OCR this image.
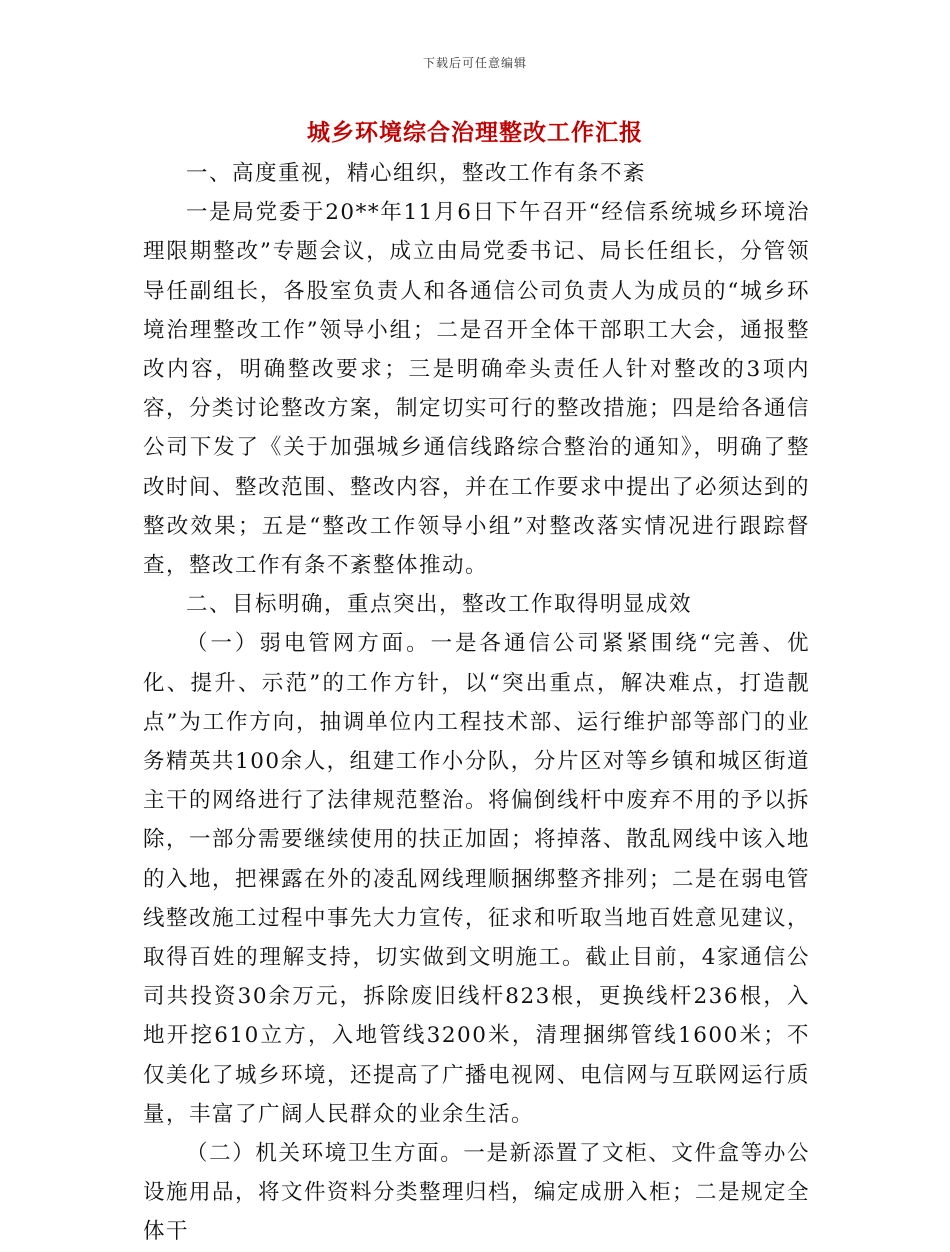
下载后可任意编辑
城乡环境综合治理整改工作汇报

一、高度重视，精心组织，整改工作有条不紊

一是局党委于20**年11月6日下午召开“经信系统城乡环境治理限期整改”专题会议，成立由局党委书记、局长任组长，分管领导任副组长，各股室负责人和各通信公司负责人为成员的“城乡环境治理整改工作”领导小组；二是召开全体干部职工大会，通报整改内容，明确整改要求；三是明确牵头责任人针对整改的3项内容，分类讨论整改方案，制定切实可行的整改措施；四是给各通信公司下发了《关于加强城乡通信线路综合整治的通知》，明确了整改时间、整改范围、整改内容，并在工作要求中提出了必须达到的整改效果；五是“整改工作领导小组”对整改落实情况进行跟踪督查，整改工作有条不紊整体推动。

二、目标明确，重点突出，整改工作取得明显成效

（一）弱电管网方面。一是各通信公司紧紧围绕“完善、优化、提升、示范”的工作方针，以“突出重点，解决难点，打造靓点”为工作方向，抽调单位内工程技术部、运行维护部等部门的业务精英共100余人，组建工作小分队，分片区对等乡镇和城区街道主干的网络进行了法律规范整治。将偏倒线杆中废弃不用的予以拆除，一部分需要继续使用的扶正加固；将掉落、散乱网线中该入地的入地，把裸露在外的凌乱网线理顺捆绑整齐排列；二是在弱电管线整改施工过程中事先大力宣传，征求和听取当地百姓意见建议，取得百姓的理解支持，切实做到文明施工。截止目前，4家通信公司共投资30余万元，拆除废旧线杆823根，更换线杆236根，入地开挖610立方，入地管线3200米，清理捆绑管线1600米；不仅美化了城乡环境，还提高了广播电视网、电信网与互联网运行质量，丰富了广阔人民群众的业余生活。

（二）机关环境卫生方面。一是新添置了文柜、文件盒等办公设施用品，将文件资料分类整理归档，编定成册入柜；二是规定全体干
